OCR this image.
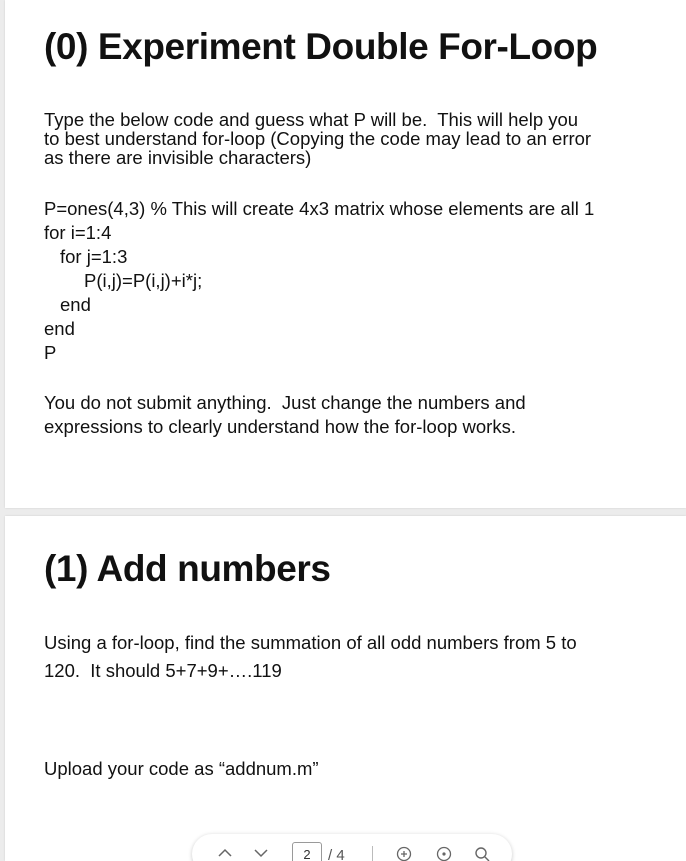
(0) Experiment Double For-Loop
Type the below code and guess what P will be.  This will help you
to best understand for-loop (Copying the code may lead to an error
as there are invisible characters)
P=ones(4,3) % This will create 4x3 matrix whose elements are all 1
for i=1:4
for j=1:3
P(i,j)=P(i,j)+i*j;
end
end
P
You do not submit anything.  Just change the numbers and
expressions to clearly understand how the for-loop works.
(1) Add numbers
Using a for-loop, find the summation of all odd numbers from 5 to
120.  It should 5+7+9+….119
Upload your code as “addnum.m”
2
/ 4
